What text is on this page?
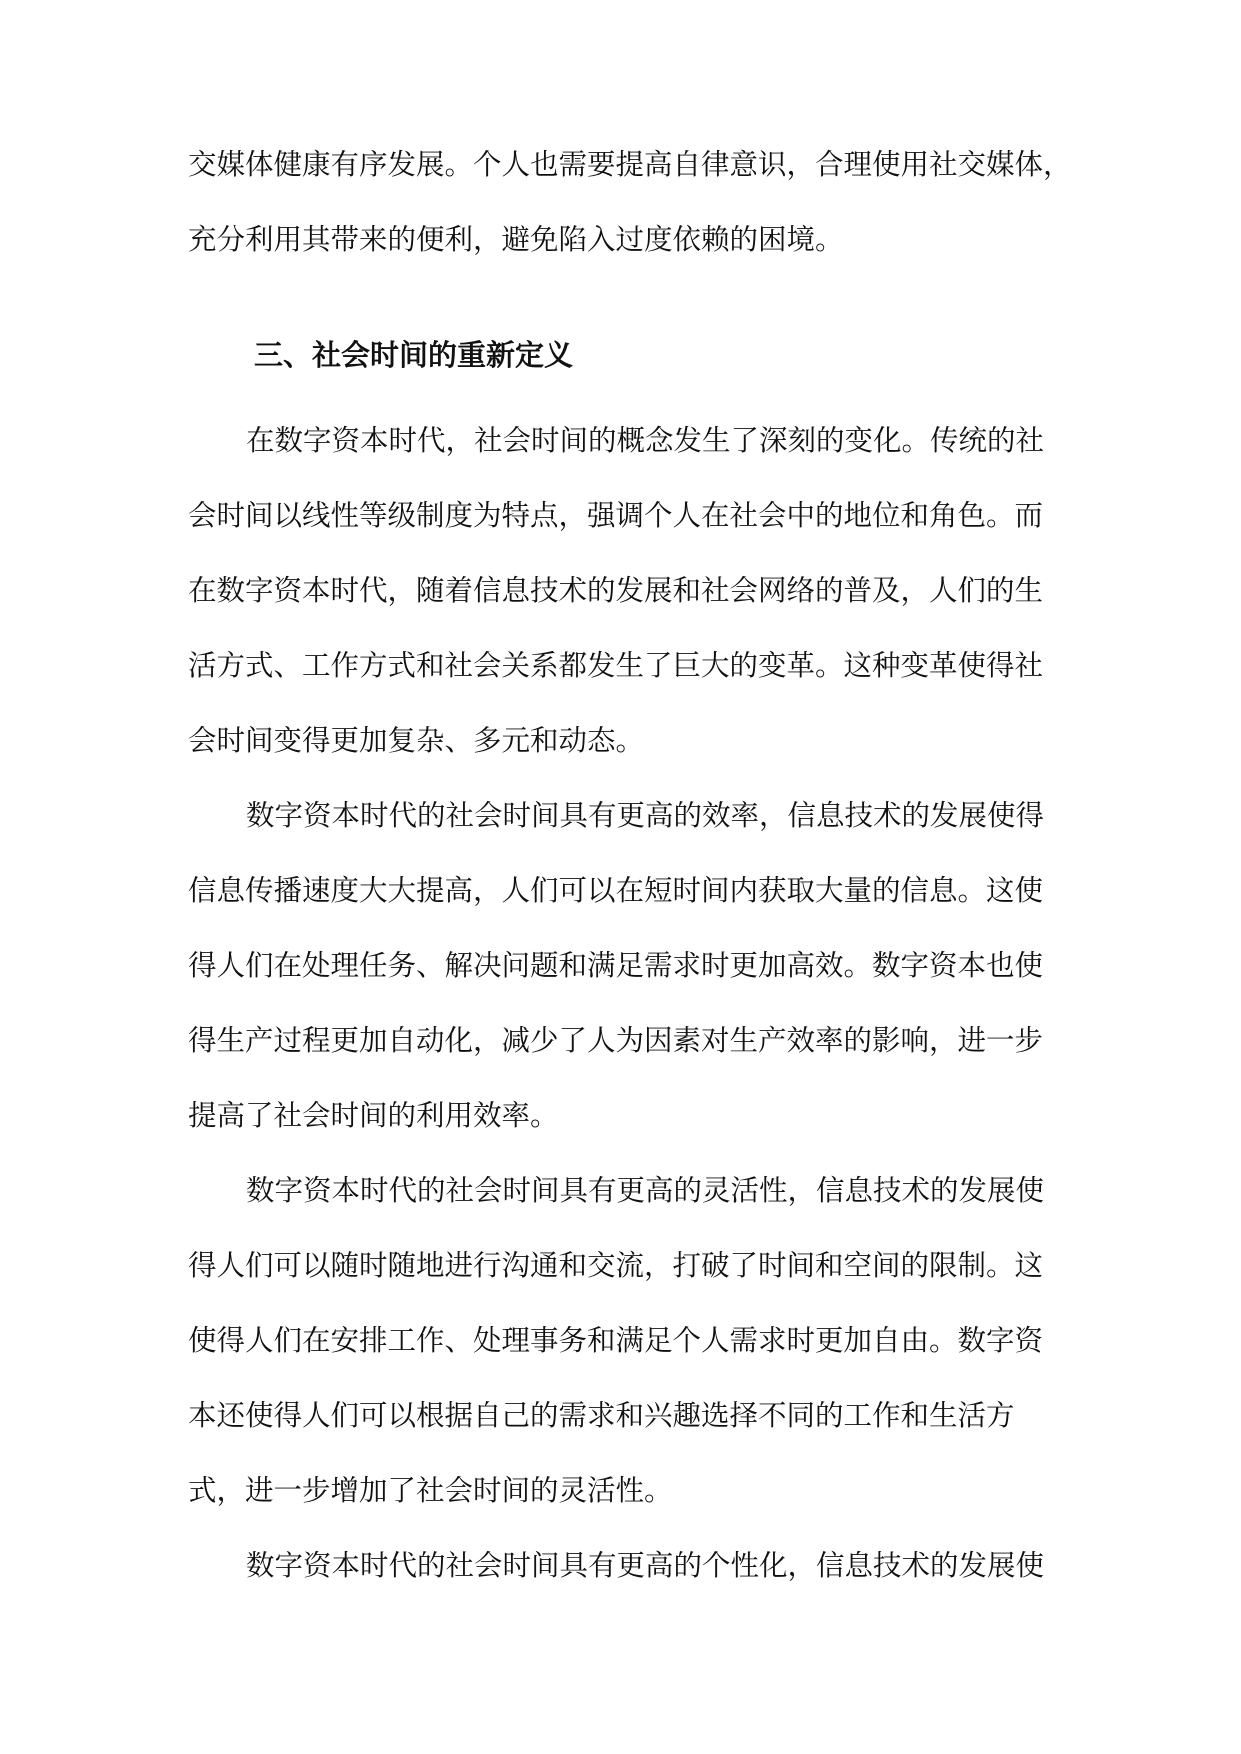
交媒体健康有序发展。个人也需要提高自律意识，合理使用社交媒体，

充分利用其带来的便利，避免陷入过度依赖的困境。

三、社会时间的重新定义

在数字资本时代，社会时间的概念发生了深刻的变化。传统的社

会时间以线性等级制度为特点，强调个人在社会中的地位和角色。而

在数字资本时代，随着信息技术的发展和社会网络的普及，人们的生

活方式、工作方式和社会关系都发生了巨大的变革。这种变革使得社

会时间变得更加复杂、多元和动态。

数字资本时代的社会时间具有更高的效率，信息技术的发展使得

信息传播速度大大提高，人们可以在短时间内获取大量的信息。这使

得人们在处理任务、解决问题和满足需求时更加高效。数字资本也使

得生产过程更加自动化，减少了人为因素对生产效率的影响，进一步

提高了社会时间的利用效率。

数字资本时代的社会时间具有更高的灵活性，信息技术的发展使

得人们可以随时随地进行沟通和交流，打破了时间和空间的限制。这

使得人们在安排工作、处理事务和满足个人需求时更加自由。数字资

本还使得人们可以根据自己的需求和兴趣选择不同的工作和生活方

式，进一步增加了社会时间的灵活性。

数字资本时代的社会时间具有更高的个性化，信息技术的发展使
